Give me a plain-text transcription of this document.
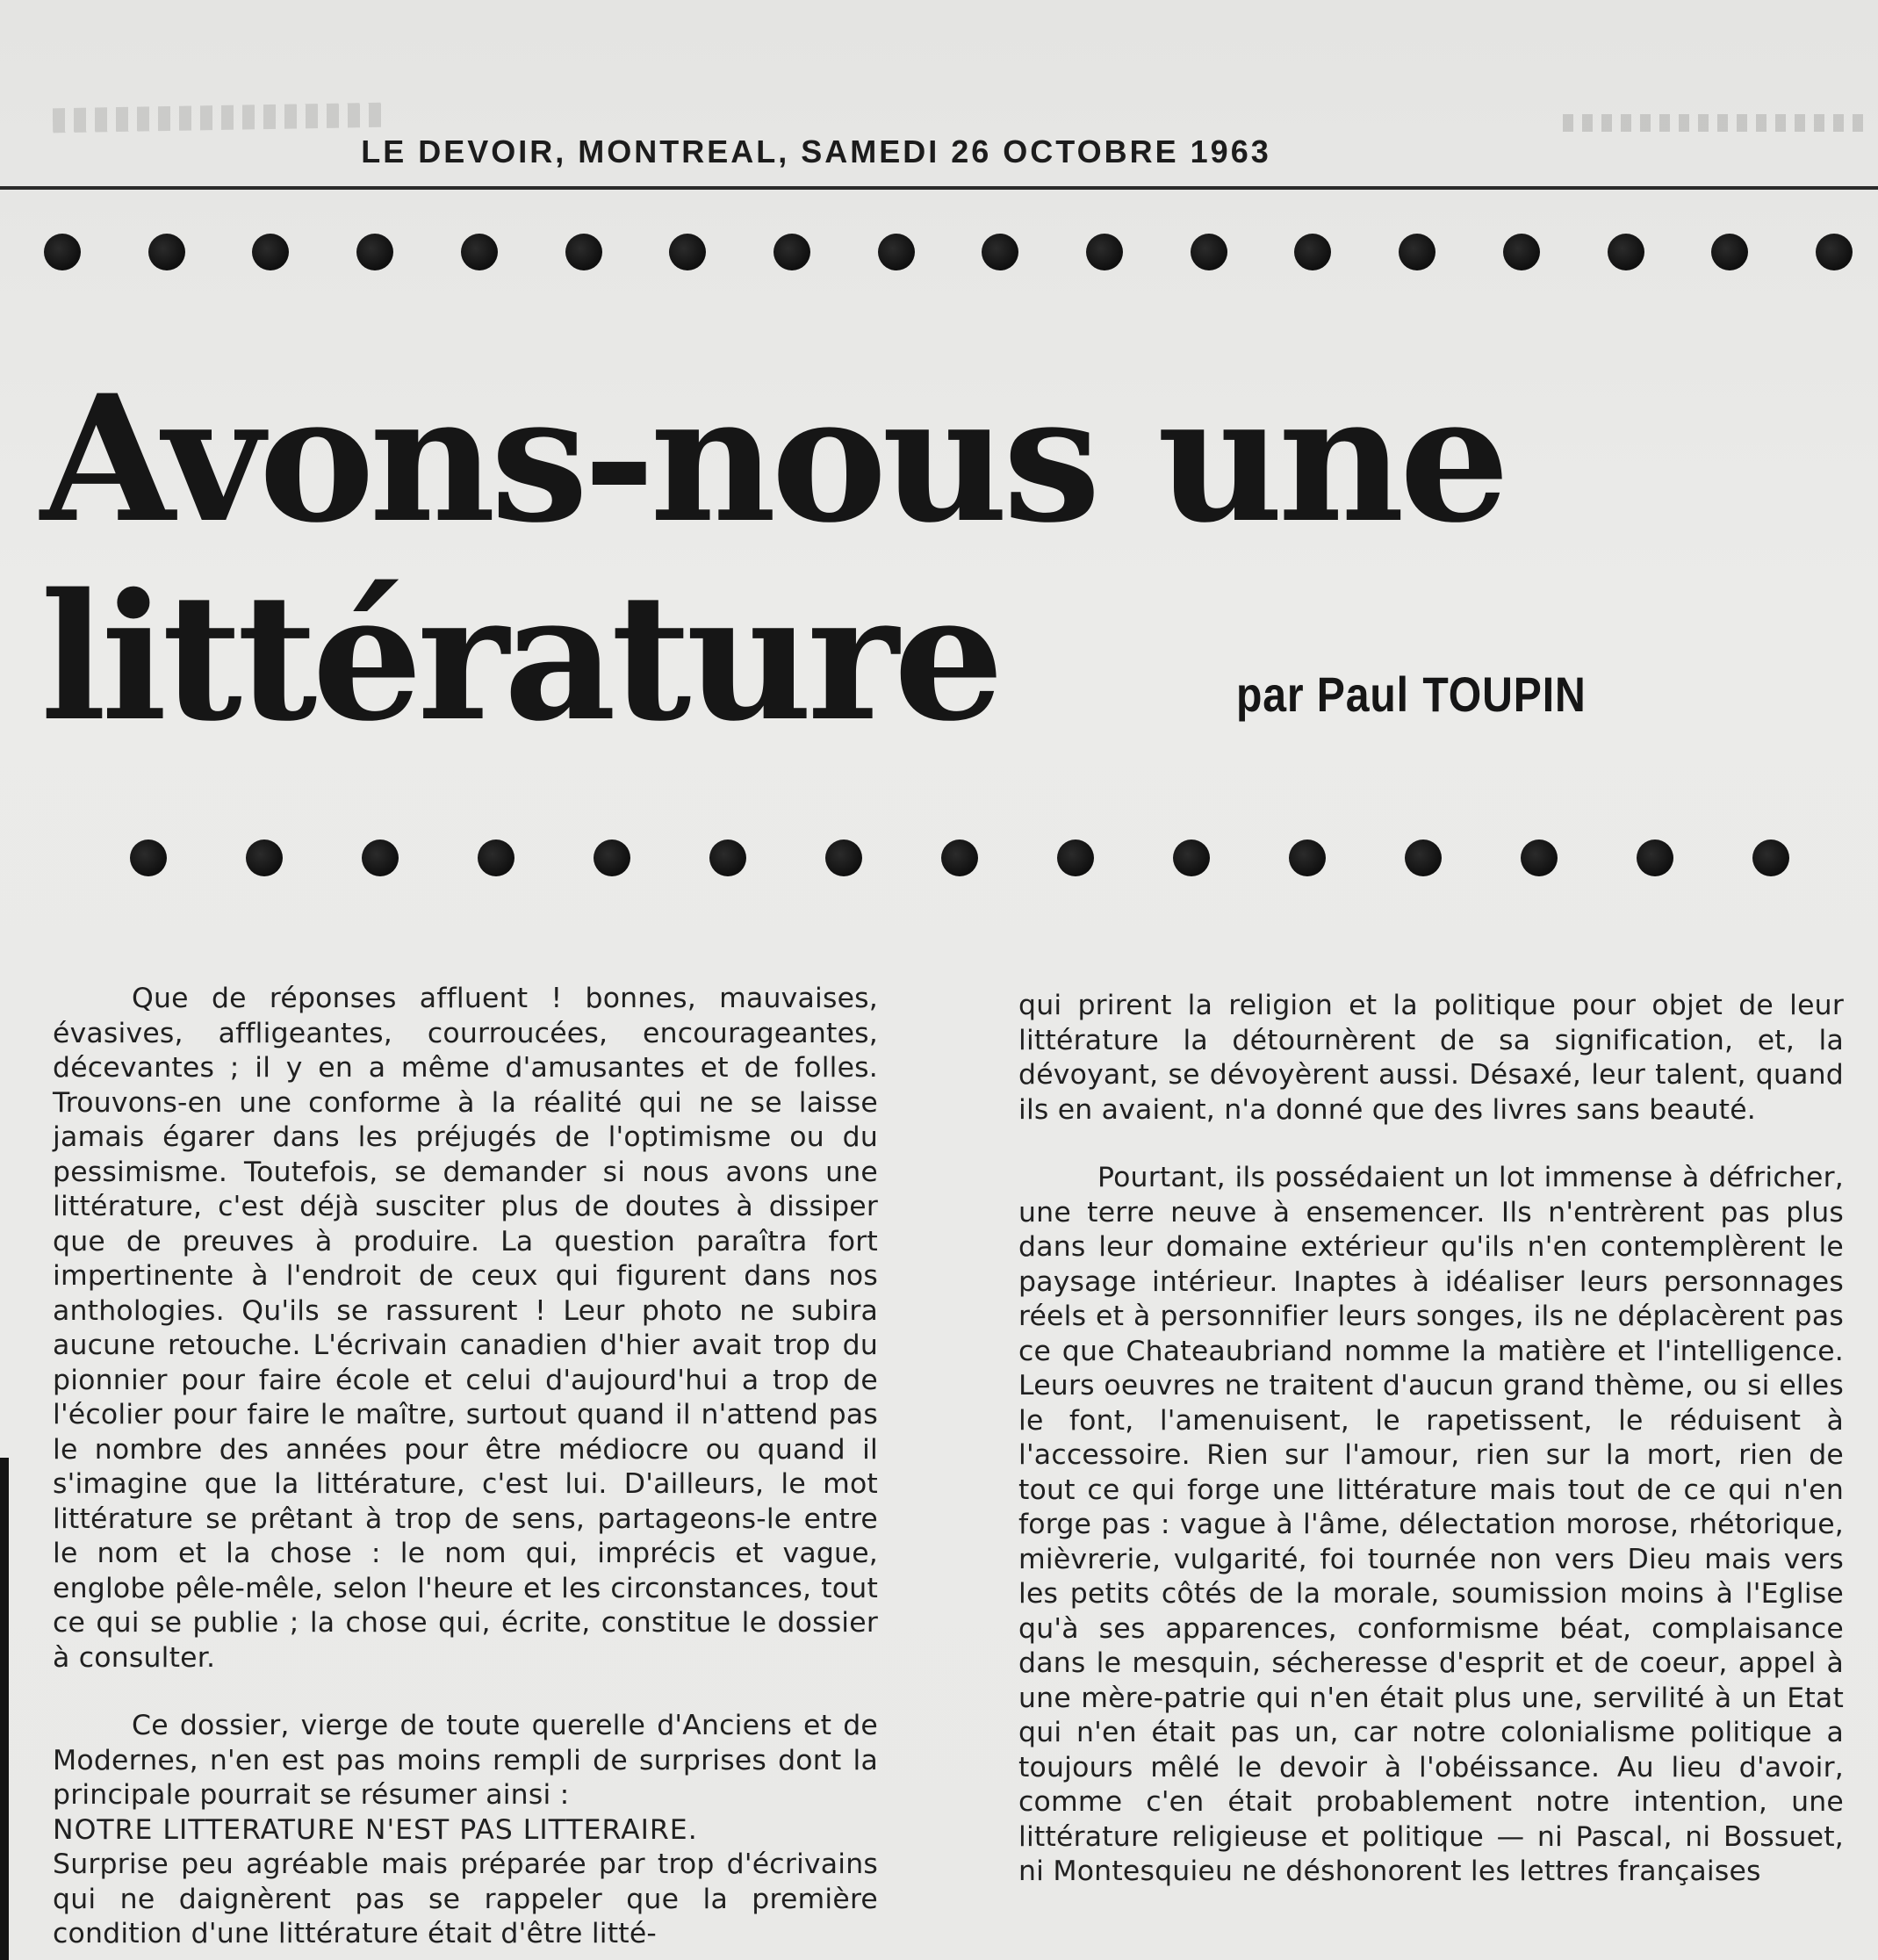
LE DEVOIR, MONTREAL, SAMEDI 26 OCTOBRE 1963
Avons-nous une
littérature	par Paul TOUPIN

Que de réponses affluent ! bonnes, mauvaises, évasives, affligeantes, courroucées, encourageantes, décevantes ; il y en a même d'amusantes et de folles. Trouvons-en une conforme à la réalité qui ne se laisse jamais égarer dans les préjugés de l'optimisme ou du pessimisme. Toutefois, se demander si nous avons une littérature, c'est déjà susciter plus de doutes à dissiper que de preuves à produire. La question paraîtra fort impertinente à l'endroit de ceux qui figurent dans nos anthologies. Qu'ils se rassurent ! Leur photo ne subira aucune retouche. L'écrivain canadien d'hier avait trop du pionnier pour faire école et celui d'aujourd'hui a trop de l'écolier pour faire le maître, surtout quand il n'attend pas le nombre des années pour être médiocre ou quand il s'imagine que la littérature, c'est lui. D'ailleurs, le mot littérature se prêtant à trop de sens, partageons-le entre le nom et la chose : le nom qui, imprécis et vague, englobe pêle-mêle, selon l'heure et les circonstances, tout ce qui se publie ; la chose qui, écrite, constitue le dossier à consulter.

Ce dossier, vierge de toute querelle d'Anciens et de Modernes, n'en est pas moins rempli de surprises dont la principale pourrait se résumer ainsi :

NOTRE LITTERATURE N'EST PAS LITTERAIRE.

Surprise peu agréable mais préparée par trop d'écrivains qui ne daignèrent pas se rappeler que la première condition d'une littérature était d'être litté-

qui prirent la religion et la politique pour objet de leur littérature la détournèrent de sa signification, et, la dévoyant, se dévoyèrent aussi. Désaxé, leur talent, quand ils en avaient, n'a donné que des livres sans beauté.

Pourtant, ils possédaient un lot immense à défricher, une terre neuve à ensemencer. Ils n'entrèrent pas plus dans leur domaine extérieur qu'ils n'en contemplèrent le paysage intérieur. Inaptes à idéaliser leurs personnages réels et à personnifier leurs songes, ils ne déplacèrent pas ce que Chateaubriand nomme la matière et l'intelligence. Leurs oeuvres ne traitent d'aucun grand thème, ou si elles le font, l'amenuisent, le rapetissent, le réduisent à l'accessoire. Rien sur l'amour, rien sur la mort, rien de tout ce qui forge une littérature mais tout de ce qui n'en forge pas : vague à l'âme, délectation morose, rhétorique, mièvrerie, vulgarité, foi tournée non vers Dieu mais vers les petits côtés de la morale, soumission moins à l'Eglise qu'à ses apparences, conformisme béat, complaisance dans le mesquin, sécheresse d'esprit et de coeur, appel à une mère-patrie qui n'en était plus une, servilité à un Etat qui n'en était pas un, car notre colonialisme politique a toujours mêlé le devoir à l'obéissance. Au lieu d'avoir, comme c'en était probablement notre intention, une littérature religieuse et politique — ni Pascal, ni Bossuet, ni Montesquieu ne déshonorent les lettres françaises
